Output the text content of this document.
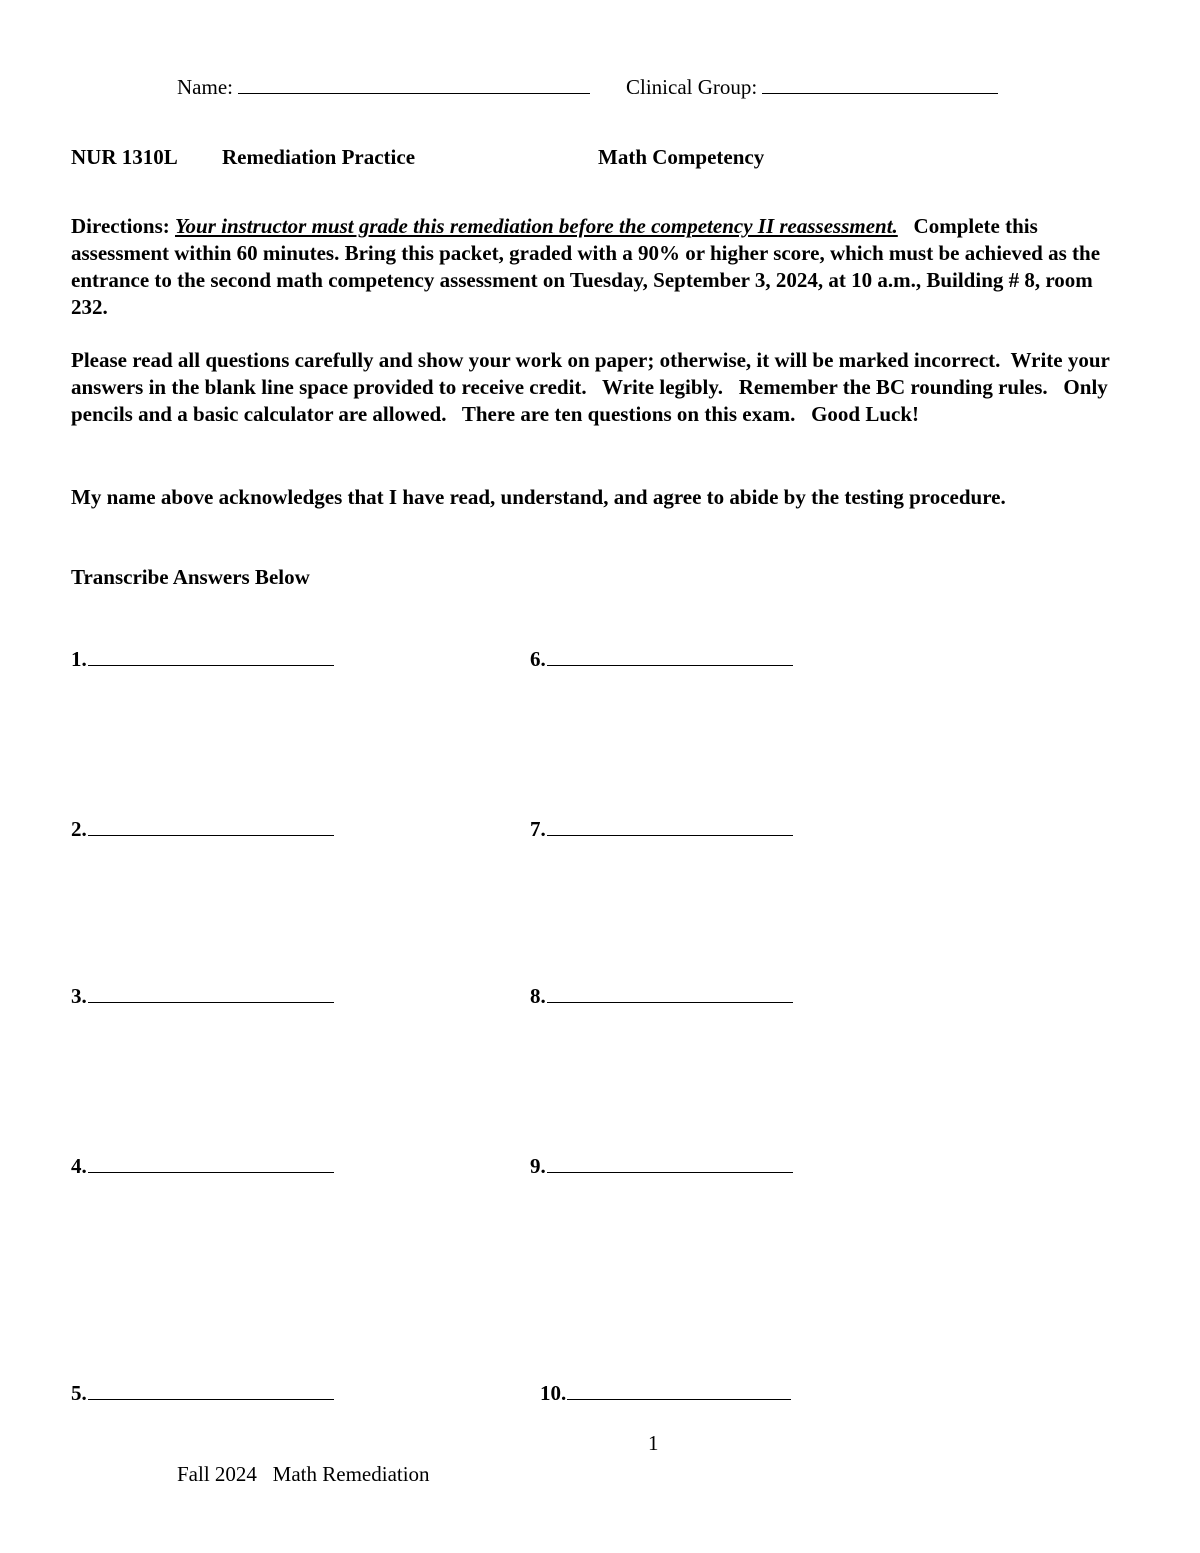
Name:	Clinical Group:
NUR 1310L Remediation Practice	Math Competency
Directions: Your instructor must grade this remediation before the competency II reassessment. Complete this assessment within 60 minutes. Bring this packet, graded with a 90% or higher score, which must be achieved as the entrance to the second math competency assessment on Tuesday, September 3, 2024, at 10 a.m., Building # 8, room 232.
Please read all questions carefully and show your work on paper; otherwise, it will be marked incorrect.  Write your answers in the blank line space provided to receive credit.   Write legibly.   Remember the BC rounding rules.   Only pencils and a basic calculator are allowed.   There are ten questions on this exam.   Good Luck!
My name above acknowledges that I have read, understand, and agree to abide by the testing procedure.
Transcribe Answers Below
1.
2.
3.
4.
5.
6.
7.
8.
9.
10.
1
Fall 2024   Math Remediation
